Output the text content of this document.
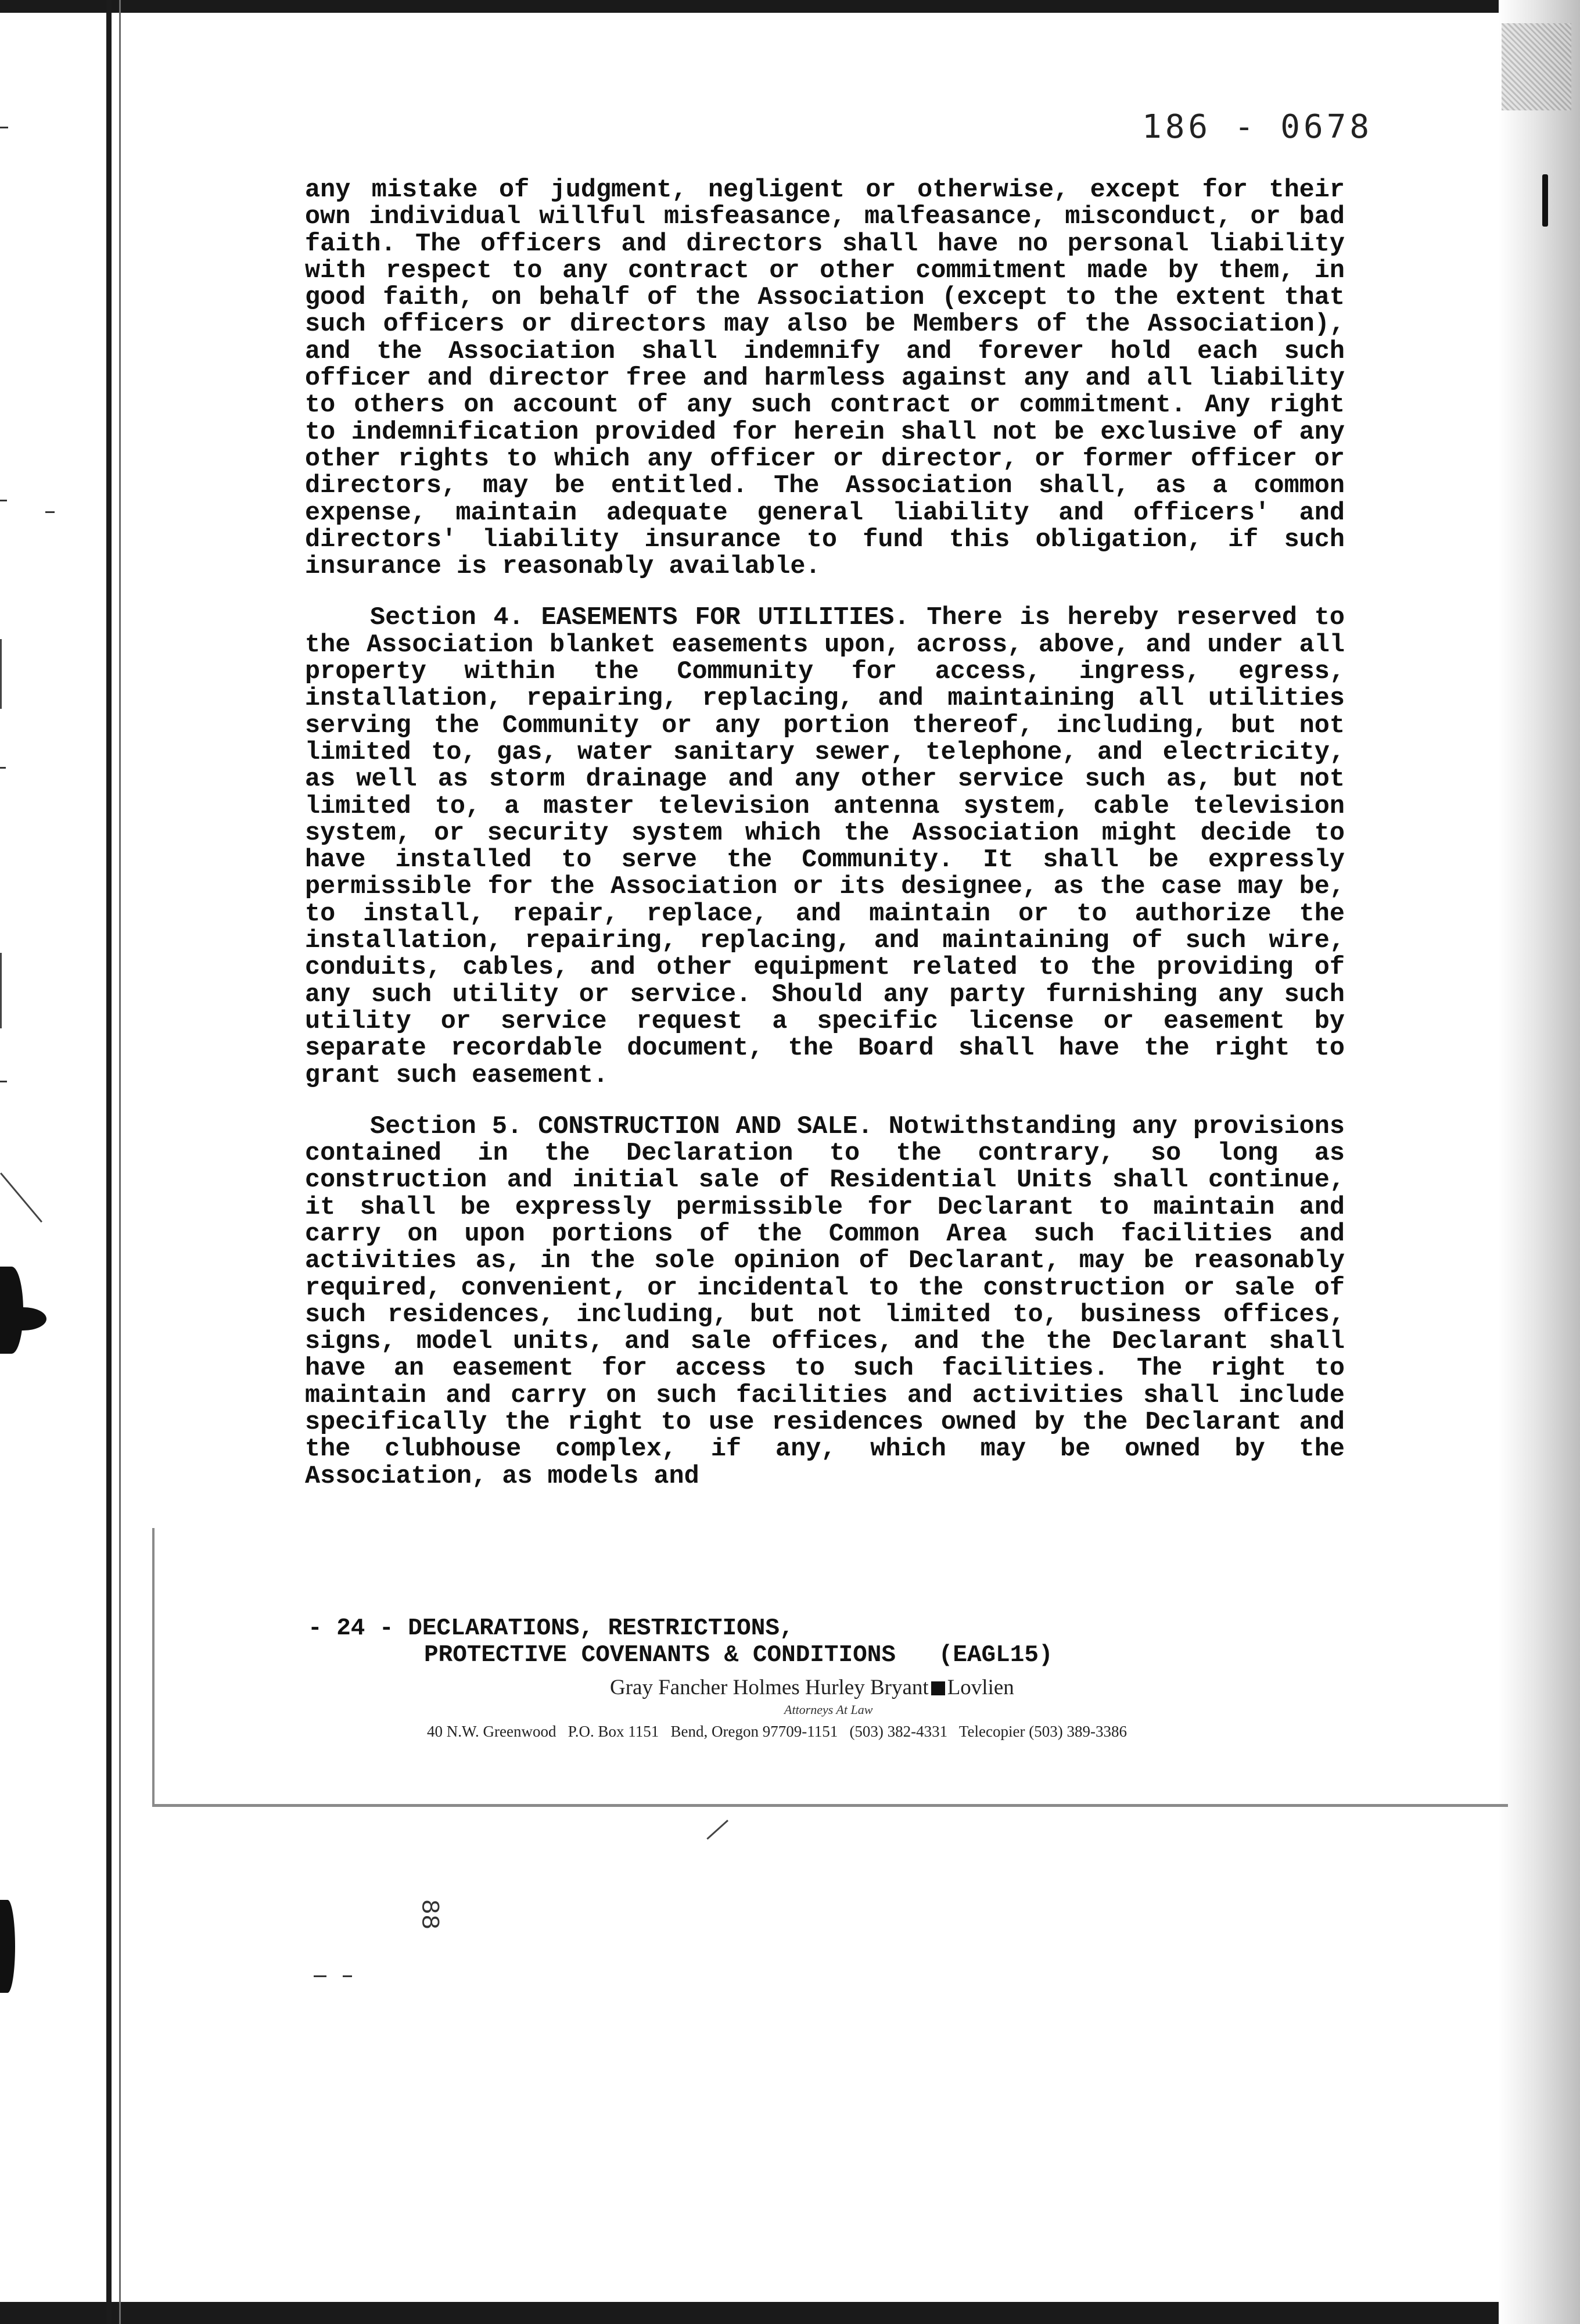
186 - 0678

any mistake of judgment, negligent or otherwise, except for their own individual willful misfeasance, malfeasance, misconduct, or bad faith. The officers and directors shall have no personal liability with respect to any contract or other commitment made by them, in good faith, on behalf of the Association (except to the extent that such officers or directors may also be Members of the Association), and the Association shall indemnify and forever hold each such officer and director free and harmless against any and all liability to others on account of any such contract or commitment. Any right to indemnification provided for herein shall not be exclusive of any other rights to which any officer or director, or former officer or directors, may be entitled. The Association shall, as a common expense, maintain adequate general liability and officers' and directors' liability insurance to fund this obligation, if such insurance is reasonably available.

Section 4. EASEMENTS FOR UTILITIES. There is hereby reserved to the Association blanket easements upon, across, above, and under all property within the Community for access, ingress, egress, installation, repairing, replacing, and maintaining all utilities serving the Community or any portion thereof, including, but not limited to, gas, water sanitary sewer, telephone, and electricity, as well as storm drainage and any other service such as, but not limited to, a master television antenna system, cable television system, or security system which the Association might decide to have installed to serve the Community. It shall be expressly permissible for the Association or its designee, as the case may be, to install, repair, replace, and maintain or to authorize the installation, repairing, replacing, and maintaining of such wire, conduits, cables, and other equipment related to the providing of any such utility or service. Should any party furnishing any such utility or service request a specific license or easement by separate recordable document, the Board shall have the right to grant such easement.

Section 5. CONSTRUCTION AND SALE. Notwithstanding any provisions contained in the Declaration to the contrary, so long as construction and initial sale of Residential Units shall continue, it shall be expressly permissible for Declarant to maintain and carry on upon portions of the Common Area such facilities and activities as, in the sole opinion of Declarant, may be reasonably required, convenient, or incidental to the construction or sale of such residences, including, but not limited to, business offices, signs, model units, and sale offices, and the the Declarant shall have an easement for access to such facilities. The right to maintain and carry on such facilities and activities shall include specifically the right to use residences owned by the Declarant and the clubhouse complex, if any, which may be owned by the Association, as models and

- 24 - DECLARATIONS, RESTRICTIONS,
PROTECTIVE COVENANTS & CONDITIONS   (EAGL15)
Gray Fancher Holmes Hurley Bryant Lovlien
Attorneys At Law
40 N.W. Greenwood   P.O. Box 1151   Bend, Oregon 97709-1151   (503) 382-4331   Telecopier (503) 389-3386
88
